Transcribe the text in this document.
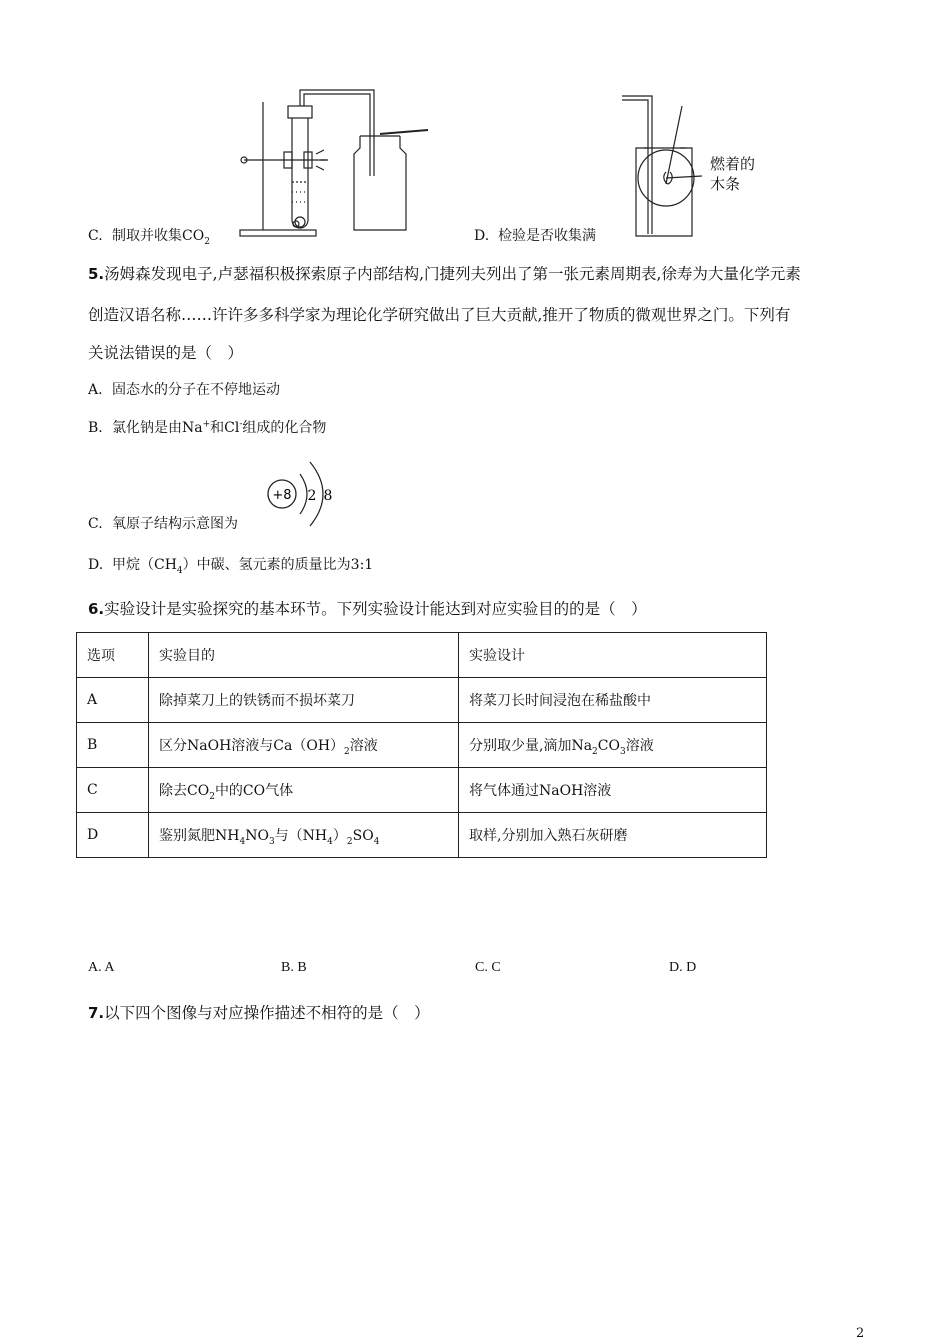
C. 制取并收集$CO_2$
燃着的
木条
D. 检验是否收集满
5.汤姆森发现电子,卢瑟福积极探索原子内部结构,门捷列夫列出了第一张元素周期表,徐寿为大量化学元素
创造汉语名称……许许多多科学家为理论化学研究做出了巨大贡献,推开了物质的微观世界之门。下列有
关说法错误的是（　）
A. 固态水的分子在不停地运动
B. 氯化钠是由Na+和Cl-组成的化合物
C. 氧原子结构示意图为
+8 2 8
D. 甲烷$(CH_4)$中碳、氢元素的质量比为3:1
6.实验设计是实验探究的基本环节。下列实验设计能达到对应实验目的的是（　）
选项	实验目的	实验设计
A	除掉菜刀上的铁锈而不损坏菜刀	将菜刀长时间浸泡在稀盐酸中
B	区分NaOH溶液与$Ca(OH)_2$溶液	分别取少量,滴加$Na_2CO_3$溶液
C	除去$CO_2$中的CO气体	将气体通过NaOH溶液
D	鉴别氮肥$NH_4NO_3$与$(NH_4)_2SO_4$	取样,分别加入熟石灰研磨
A. A	B. B	C. C	D. D
7.以下四个图像与对应操作描述不相符的是（　）
2
